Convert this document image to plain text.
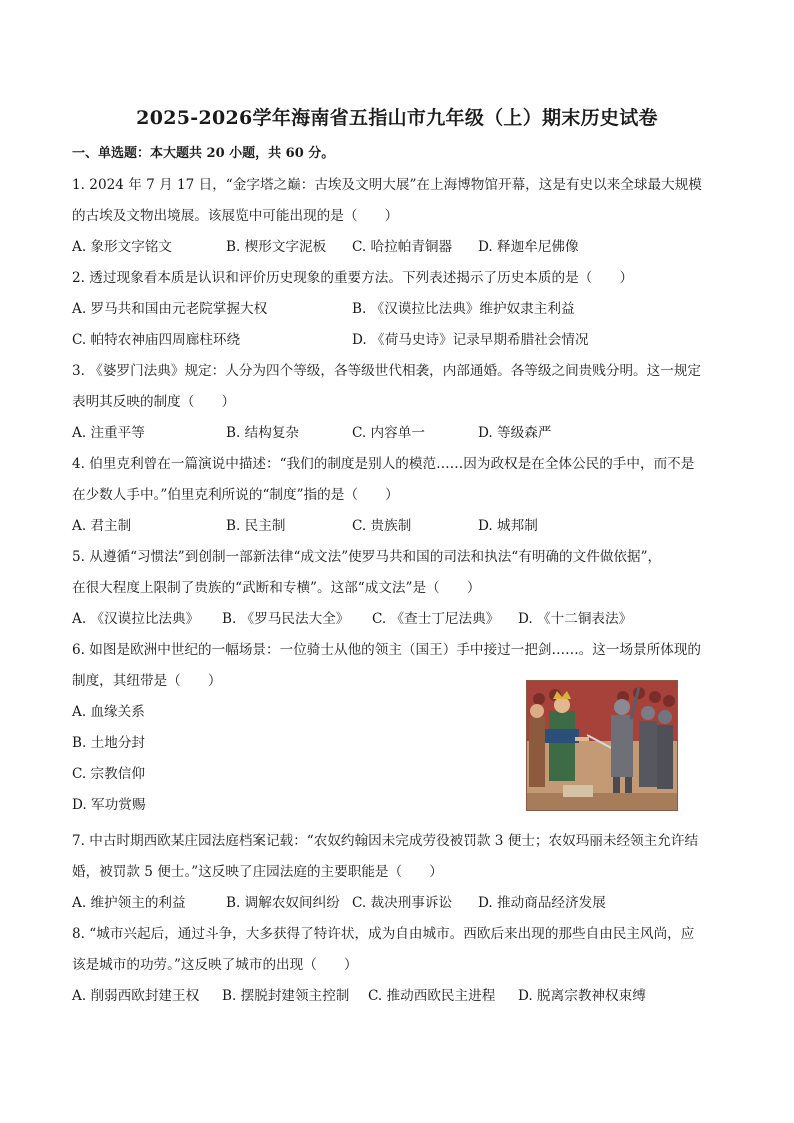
2025-2026学年海南省五指山市九年级（上）期末历史试卷
一、单选题：本大题共 20 小题，共 60 分。
1. 2024 年 7 月 17 日，“金字塔之巅：古埃及文明大展”在上海博物馆开幕，这是有史以来全球最大规模
的古埃及文物出境展。该展览中可能出现的是（　　）
A. 象形文字铭文	B. 楔形文字泥板 C. 哈拉帕青铜器 D. 释迦牟尼佛像
2. 透过现象看本质是认识和评价历史现象的重要方法。下列表述揭示了历史本质的是（　　）
A. 罗马共和国由元老院掌握大权	B. 《汉谟拉比法典》维护奴隶主利益
C. 帕特农神庙四周廊柱环绕	D. 《荷马史诗》记录早期希腊社会情况
3. 《婆罗门法典》规定：人分为四个等级，各等级世代相袭，内部通婚。各等级之间贵贱分明。这一规定
表明其反映的制度（　　）
A. 注重平等	B. 结构复杂	C. 内容单一	D. 等级森严
4. 伯里克利曾在一篇演说中描述：“我们的制度是别人的模范……因为政权是在全体公民的手中，而不是
在少数人手中。”伯里克利所说的“制度”指的是（　　）
A. 君主制	B. 民主制	C. 贵族制	D. 城邦制
5. 从遵循“习惯法”到创制一部新法律“成文法”使罗马共和国的司法和执法“有明确的文件做依据”，
在很大程度上限制了贵族的“武断和专横”。这部“成文法”是（　　）
A. 《汉谟拉比法典》 B. 《罗马民法大全》 C. 《查士丁尼法典》 D. 《十二铜表法》
6. 如图是欧洲中世纪的一幅场景：一位骑士从他的领主（国王）手中接过一把剑……。这一场景所体现的
制度，其纽带是（　　）
A. 血缘关系
B. 土地分封
C. 宗教信仰
D. 军功赏赐
7. 中古时期西欧某庄园法庭档案记载：“农奴约翰因未完成劳役被罚款 3 便士；农奴玛丽未经领主允许结
婚，被罚款 5 便士。”这反映了庄园法庭的主要职能是（　　）
A. 维护领主的利益	B. 调解农奴间纠纷 C. 裁决刑事诉讼 D. 推动商品经济发展
8. “城市兴起后，通过斗争，大多获得了特许状，成为自由城市。西欧后来出现的那些自由民主风尚，应
该是城市的功劳。”这反映了城市的出现（　　）
A. 削弱西欧封建王权 B. 摆脱封建领主控制 C. 推动西欧民主进程 D. 脱离宗教神权束缚
